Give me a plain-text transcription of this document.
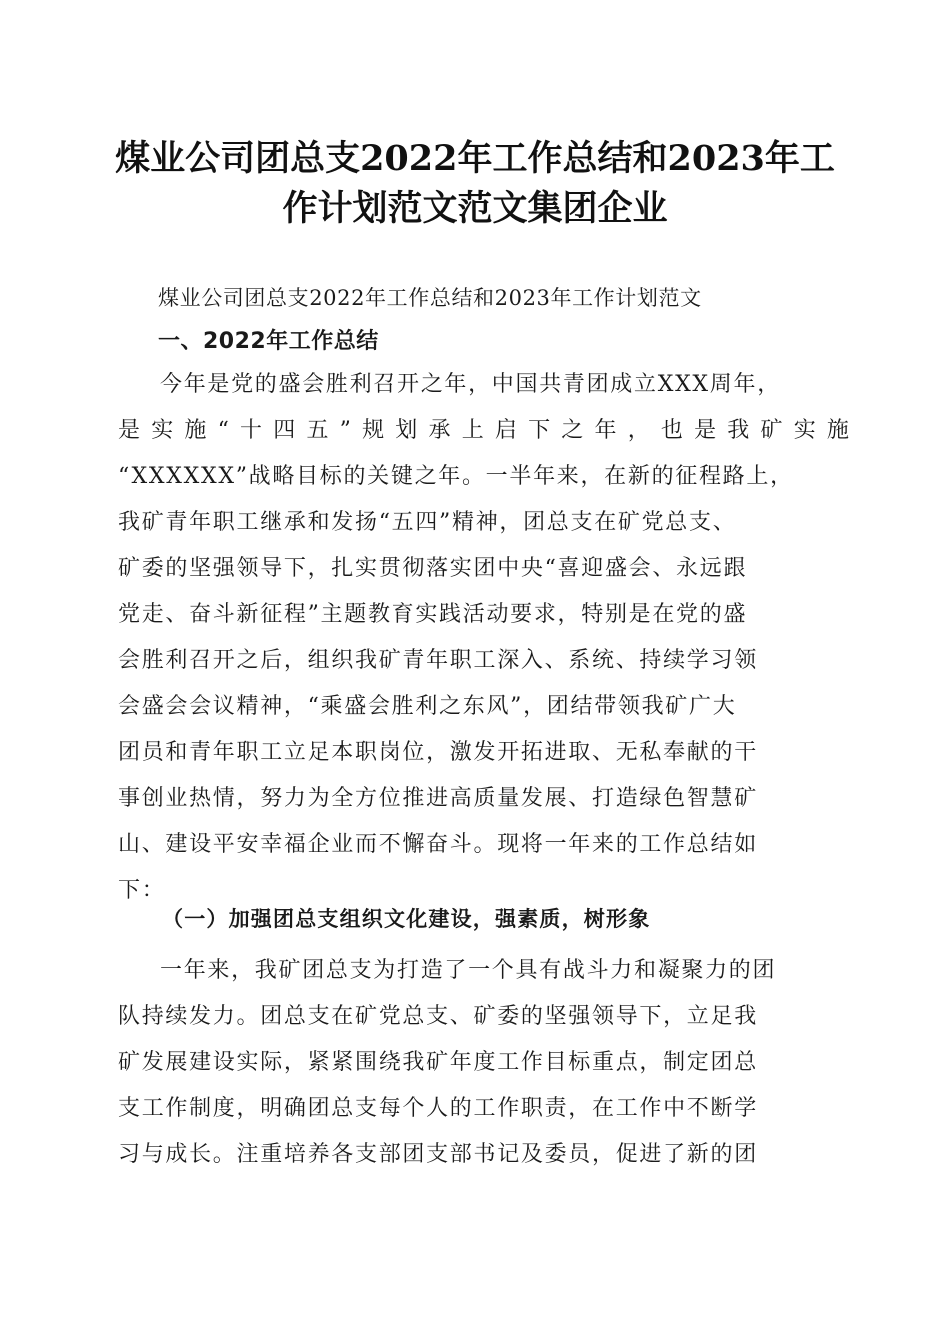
煤业公司团总支2022年工作总结和2023年工
作计划范文范文集团企业
煤业公司团总支2022年工作总结和2023年工作计划范文
一、2022年工作总结
今年是党的盛会胜利召开之年，中国共青团成立XXX周年，
是实施“十四五”规划承上启下之年，也是我矿实施
“XXXXXX”战略目标的关键之年。一半年来，在新的征程路上，
我矿青年职工继承和发扬“五四”精神，团总支在矿党总支、
矿委的坚强领导下，扎实贯彻落实团中央“喜迎盛会、永远跟
党走、奋斗新征程”主题教育实践活动要求，特别是在党的盛
会胜利召开之后，组织我矿青年职工深入、系统、持续学习领
会盛会会议精神，“乘盛会胜利之东风”，团结带领我矿广大
团员和青年职工立足本职岗位，激发开拓进取、无私奉献的干
事创业热情，努力为全方位推进高质量发展、打造绿色智慧矿
山、建设平安幸福企业而不懈奋斗。现将一年来的工作总结如
下：
（一）加强团总支组织文化建设，强素质，树形象
一年来，我矿团总支为打造了一个具有战斗力和凝聚力的团
队持续发力。团总支在矿党总支、矿委的坚强领导下，立足我
矿发展建设实际，紧紧围绕我矿年度工作目标重点，制定团总
支工作制度，明确团总支每个人的工作职责，在工作中不断学
习与成长。注重培养各支部团支部书记及委员，促进了新的团
